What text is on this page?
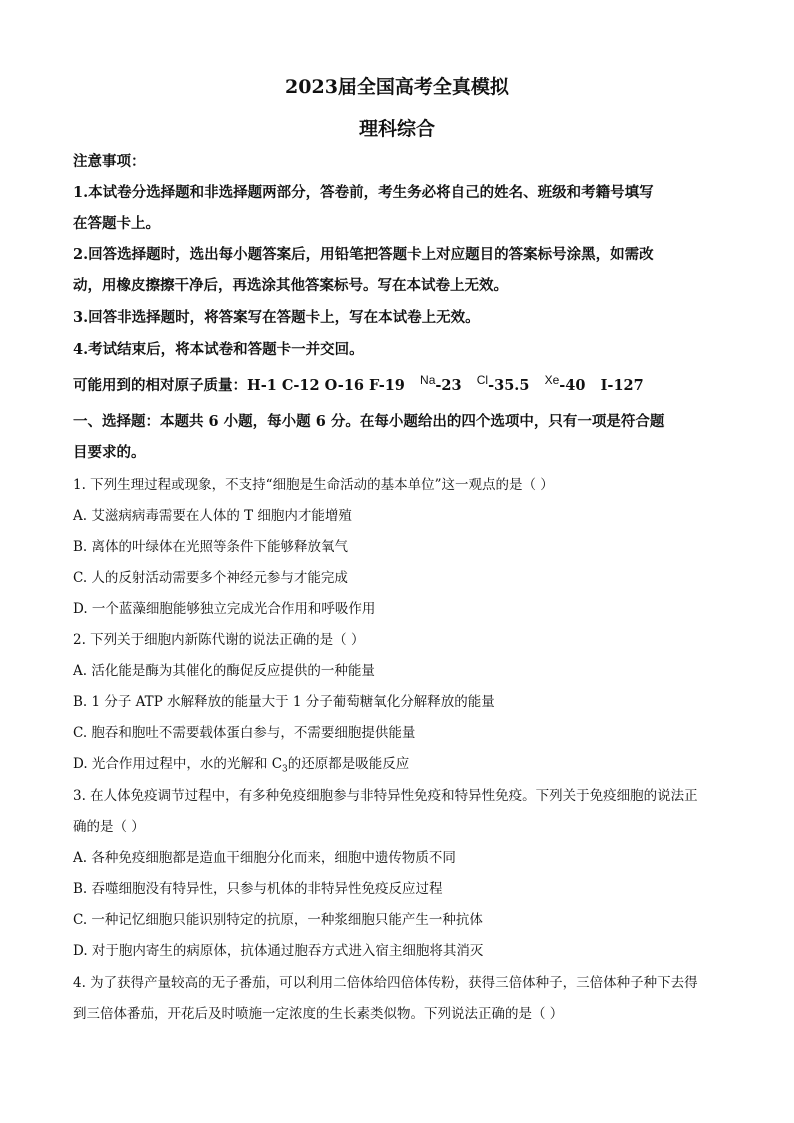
2023届全国高考全真模拟
理科综合
注意事项：
1.本试卷分选择题和非选择题两部分，答卷前，考生务必将自己的姓名、班级和考籍号填写
在答题卡上。
2.回答选择题时，选出每小题答案后，用铅笔把答题卡上对应题目的答案标号涂黑，如需改
动，用橡皮擦擦干净后，再选涂其他答案标号。写在本试卷上无效。
3.回答非选择题时，将答案写在答题卡上，写在本试卷上无效。
4.考试结束后，将本试卷和答题卡一并交回。
可能用到的相对原子质量：H-1 C-12 O-16 F-19 $^{Na}$-23 $^{Cl}$-35.5 $^{Xe}$-40 I-127
一、选择题：本题共 6 小题，每小题 6 分。在每小题给出的四个选项中，只有一项是符合题
目要求的。
1. 下列生理过程或现象，不支持“细胞是生命活动的基本单位”这一观点的是（ ）
A. 艾滋病病毒需要在人体的 T 细胞内才能增殖
B. 离体的叶绿体在光照等条件下能够释放氧气
C. 人的反射活动需要多个神经元参与才能完成
D. 一个蓝藻细胞能够独立完成光合作用和呼吸作用
2. 下列关于细胞内新陈代谢的说法正确的是（ ）
A. 活化能是酶为其催化的酶促反应提供的一种能量
B. 1 分子 ATP 水解释放的能量大于 1 分子葡萄糖氧化分解释放的能量
C. 胞吞和胞吐不需要载体蛋白参与，不需要细胞提供能量
D. 光合作用过程中，水的光解和 $C_3$的还原都是吸能反应
3. 在人体免疫调节过程中，有多种免疫细胞参与非特异性免疫和特异性免疫。下列关于免疫细胞的说法正
确的是（ ）
A. 各种免疫细胞都是造血干细胞分化而来，细胞中遗传物质不同
B. 吞噬细胞没有特异性，只参与机体的非特异性免疫反应过程
C. 一种记忆细胞只能识别特定的抗原，一种浆细胞只能产生一种抗体
D. 对于胞内寄生的病原体，抗体通过胞吞方式进入宿主细胞将其消灭
4. 为了获得产量较高的无子番茄，可以利用二倍体给四倍体传粉，获得三倍体种子，三倍体种子种下去得
到三倍体番茄，开花后及时喷施一定浓度的生长素类似物。下列说法正确的是（ ）
